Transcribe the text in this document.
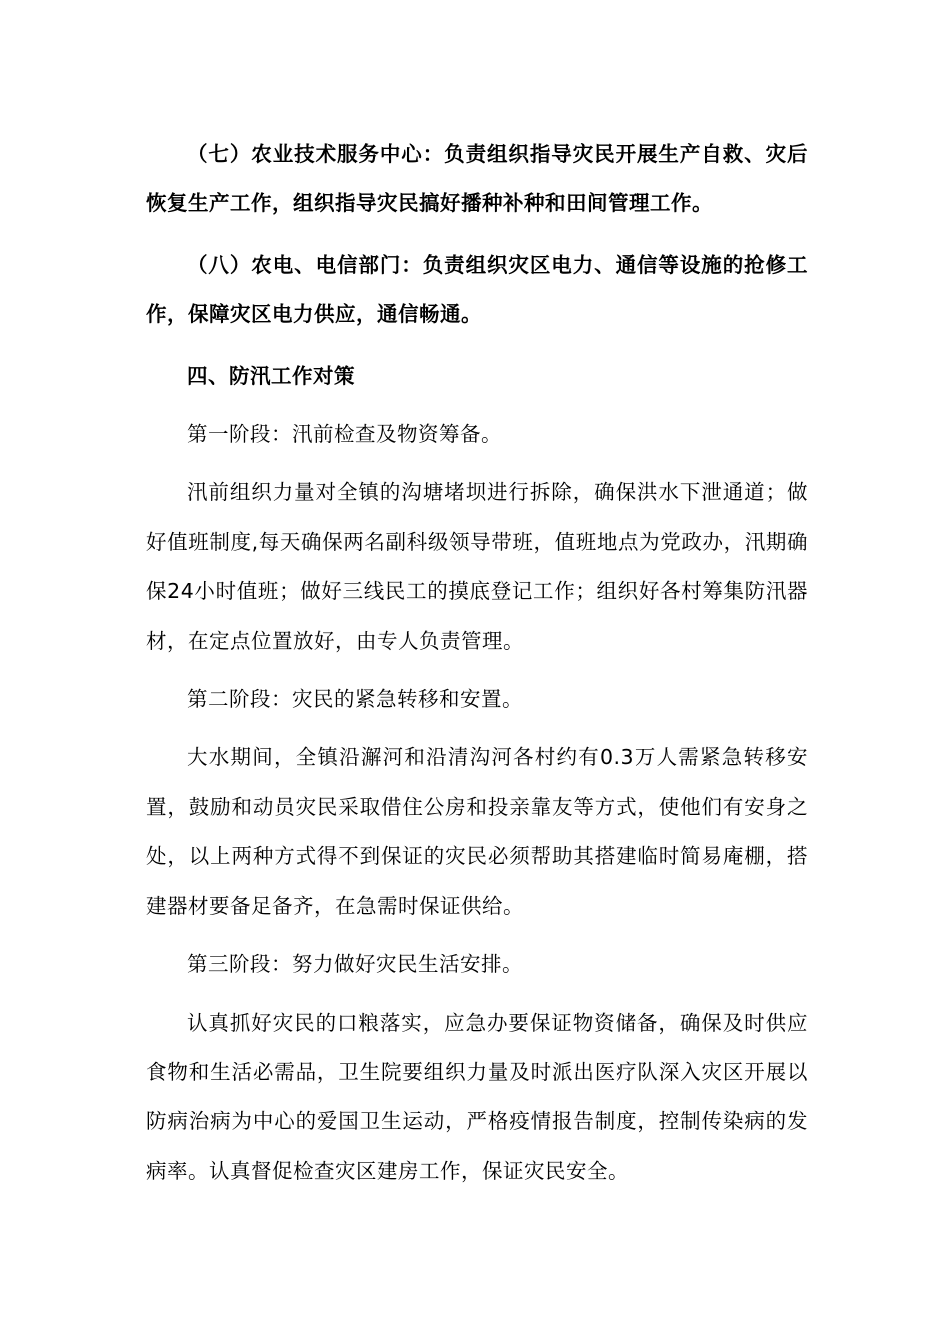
（七）农业技术服务中心：负责组织指导灾民开展生产自救、灾后恢复生产工作，组织指导灾民搞好播种补种和田间管理工作。

（八）农电、电信部门：负责组织灾区电力、通信等设施的抢修工作，保障灾区电力供应，通信畅通。

四、防汛工作对策

第一阶段：汛前检查及物资筹备。

汛前组织力量对全镇的沟塘堵坝进行拆除，确保洪水下泄通道；做好值班制度,每天确保两名副科级领导带班，值班地点为党政办，汛期确保24小时值班；做好三线民工的摸底登记工作；组织好各村筹集防汛器材，在定点位置放好，由专人负责管理。

第二阶段：灾民的紧急转移和安置。

大水期间，全镇沿澥河和沿清沟河各村约有0.3万人需紧急转移安置，鼓励和动员灾民采取借住公房和投亲靠友等方式，使他们有安身之处，以上两种方式得不到保证的灾民必须帮助其搭建临时简易庵棚，搭建器材要备足备齐，在急需时保证供给。

第三阶段：努力做好灾民生活安排。

认真抓好灾民的口粮落实，应急办要保证物资储备，确保及时供应食物和生活必需品，卫生院要组织力量及时派出医疗队深入灾区开展以防病治病为中心的爱国卫生运动，严格疫情报告制度，控制传染病的发病率。认真督促检查灾区建房工作，保证灾民安全。
